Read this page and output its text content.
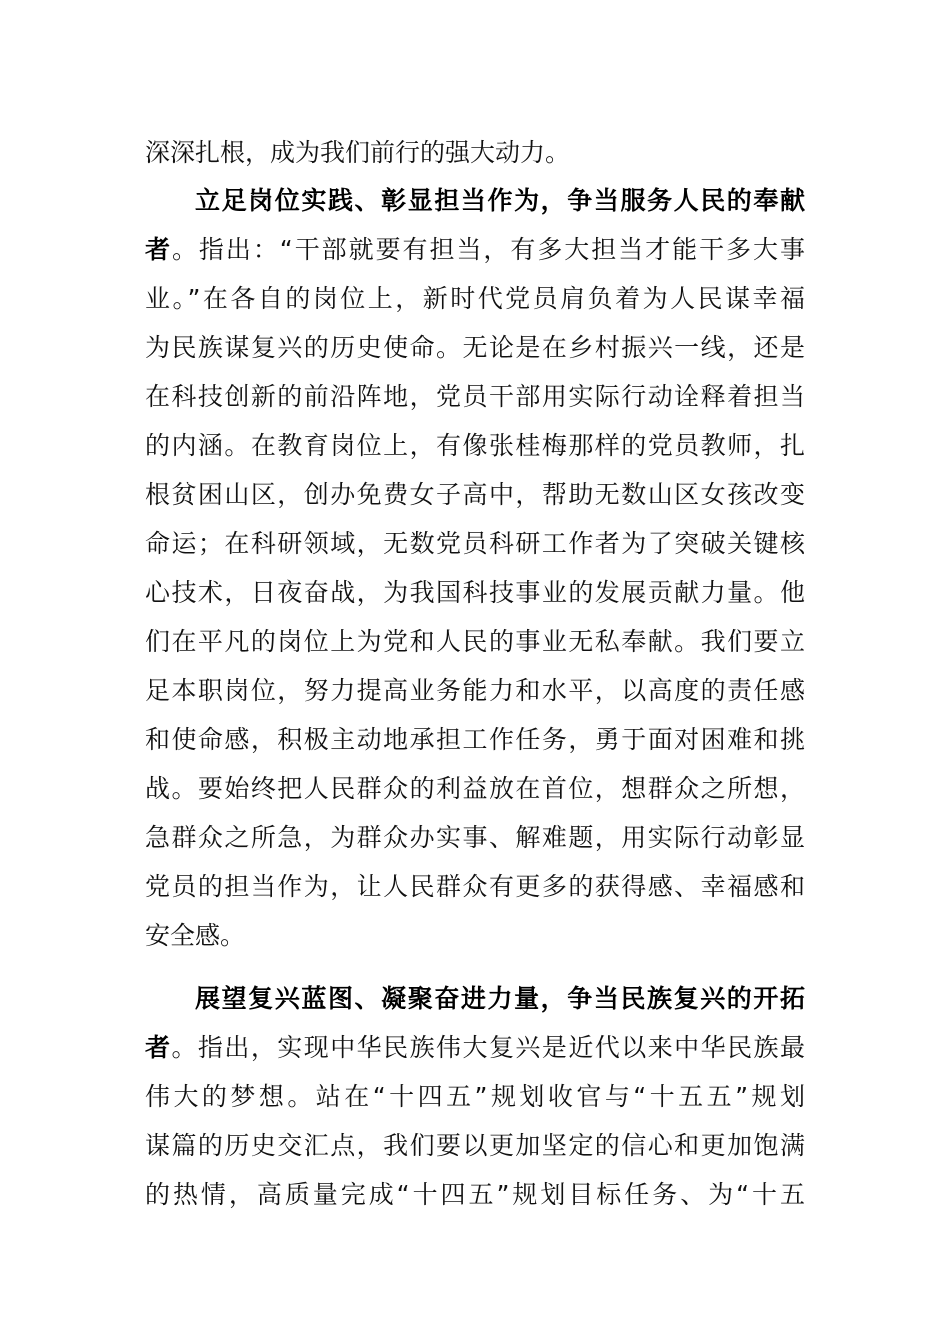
深深扎根，成为我们前行的强大动力。
立足岗位实践、彰显担当作为，争当服务人民的奉献
者。指出：“干部就要有担当，有多大担当才能干多大事
业。”在各自的岗位上，新时代党员肩负着为人民谋幸福
为民族谋复兴的历史使命。无论是在乡村振兴一线，还是
在科技创新的前沿阵地，党员干部用实际行动诠释着担当
的内涵。在教育岗位上，有像张桂梅那样的党员教师，扎
根贫困山区，创办免费女子高中，帮助无数山区女孩改变
命运；在科研领域，无数党员科研工作者为了突破关键核
心技术，日夜奋战，为我国科技事业的发展贡献力量。他
们在平凡的岗位上为党和人民的事业无私奉献。我们要立
足本职岗位，努力提高业务能力和水平，以高度的责任感
和使命感，积极主动地承担工作任务，勇于面对困难和挑
战。要始终把人民群众的利益放在首位，想群众之所想，
急群众之所急，为群众办实事、解难题，用实际行动彰显
党员的担当作为，让人民群众有更多的获得感、幸福感和
安全感。
展望复兴蓝图、凝聚奋进力量，争当民族复兴的开拓
者。指出，实现中华民族伟大复兴是近代以来中华民族最
伟大的梦想。站在“十四五”规划收官与“十五五”规划
谋篇的历史交汇点，我们要以更加坚定的信心和更加饱满
的热情，高质量完成“十四五”规划目标任务、为“十五
